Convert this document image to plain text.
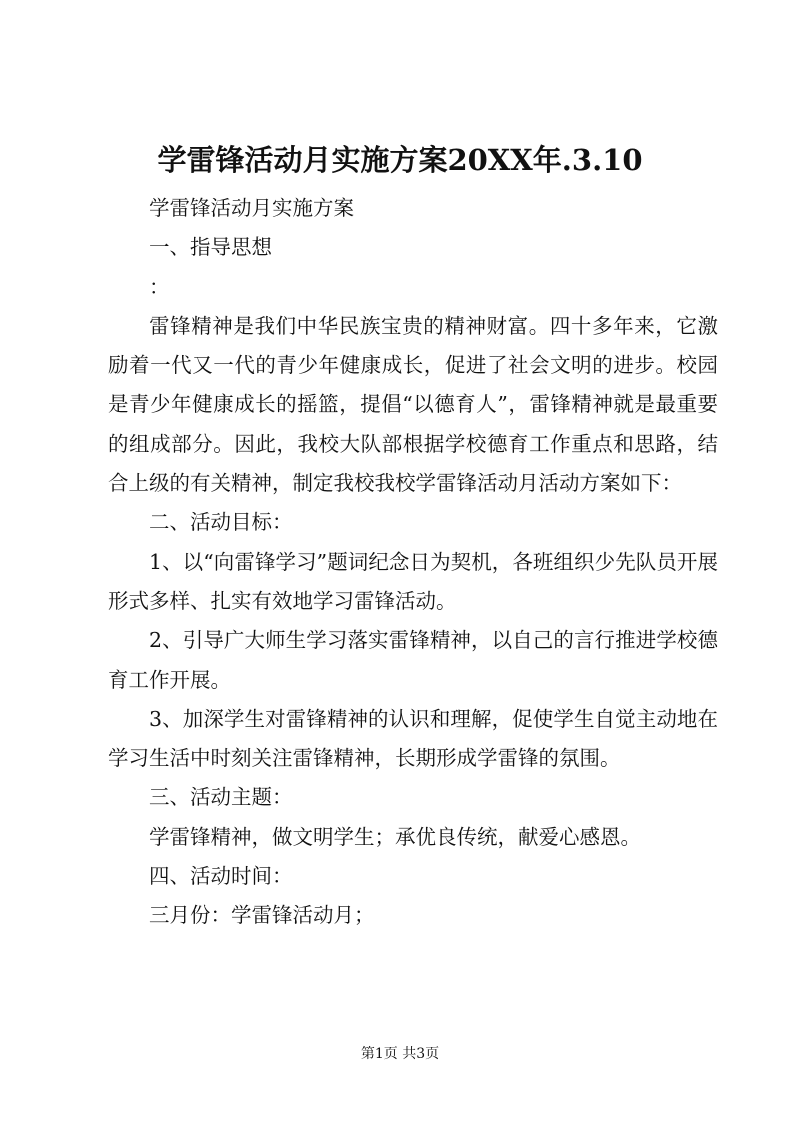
学雷锋活动月实施方案20XX年.3.10

学雷锋活动月实施方案

一、指导思想

：

雷锋精神是我们中华民族宝贵的精神财富。四十多年来，它激励着一代又一代的青少年健康成长，促进了社会文明的进步。校园是青少年健康成长的摇篮，提倡“以德育人”，雷锋精神就是最重要的组成部分。因此，我校大队部根据学校德育工作重点和思路，结合上级的有关精神，制定我校我校学雷锋活动月活动方案如下：

二、活动目标：

1、以“向雷锋学习”题词纪念日为契机，各班组织少先队员开展形式多样、扎实有效地学习雷锋活动。

2、引导广大师生学习落实雷锋精神，以自己的言行推进学校德育工作开展。

3、加深学生对雷锋精神的认识和理解，促使学生自觉主动地在学习生活中时刻关注雷锋精神，长期形成学雷锋的氛围。

三、活动主题：

学雷锋精神，做文明学生；承优良传统，献爱心感恩。

四、活动时间：

三月份：学雷锋活动月；

第1页 共3页
